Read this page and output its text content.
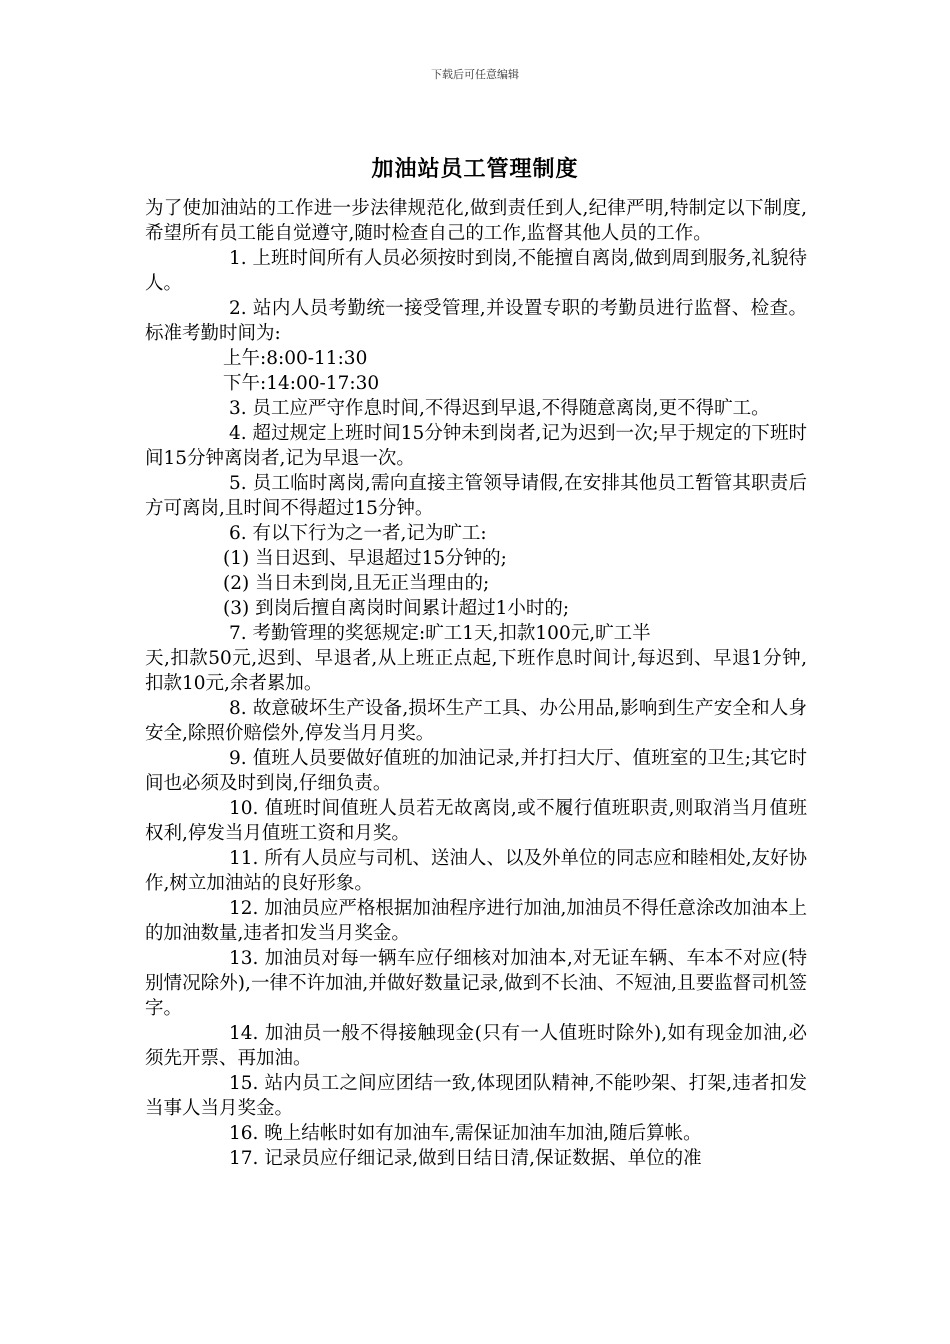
下载后可任意编辑
加油站员工管理制度

为了使加油站的工作进一步法律规范化,做到责任到人,纪律严明,特制定以下制度,希望所有员工能自觉遵守,随时检查自己的工作,监督其他人员的工作。

1. 上班时间所有人员必须按时到岗,不能擅自离岗,做到周到服务,礼貌待人。

2. 站内人员考勤统一接受管理,并设置专职的考勤员进行监督、检查。标准考勤时间为:

上午:8:00-11:30

下午:14:00-17:30

3. 员工应严守作息时间,不得迟到早退,不得随意离岗,更不得旷工。

4. 超过规定上班时间15分钟未到岗者,记为迟到一次;早于规定的下班时间15分钟离岗者,记为早退一次。

5. 员工临时离岗,需向直接主管领导请假,在安排其他员工暂管其职责后方可离岗,且时间不得超过15分钟。

6. 有以下行为之一者,记为旷工:

(1) 当日迟到、早退超过15分钟的;

(2) 当日未到岗,且无正当理由的;

(3) 到岗后擅自离岗时间累计超过1小时的;

7. 考勤管理的奖惩规定:旷工1天,扣款100元,旷工半

天,扣款50元,迟到、早退者,从上班正点起,下班作息时间计,每迟到、早退1分钟,扣款10元,余者累加。

8. 故意破坏生产设备,损坏生产工具、办公用品,影响到生产安全和人身安全,除照价赔偿外,停发当月月奖。

9. 值班人员要做好值班的加油记录,并打扫大厅、值班室的卫生;其它时间也必须及时到岗,仔细负责。

10. 值班时间值班人员若无故离岗,或不履行值班职责,则取消当月值班权利,停发当月值班工资和月奖。

11. 所有人员应与司机、送油人、以及外单位的同志应和睦相处,友好协作,树立加油站的良好形象。

12. 加油员应严格根据加油程序进行加油,加油员不得任意涂改加油本上的加油数量,违者扣发当月奖金。

13. 加油员对每一辆车应仔细核对加油本,对无证车辆、车本不对应(特别情况除外),一律不许加油,并做好数量记录,做到不长油、不短油,且要监督司机签字。

14. 加油员一般不得接触现金(只有一人值班时除外),如有现金加油,必须先开票、再加油。

15. 站内员工之间应团结一致,体现团队精神,不能吵架、打架,违者扣发当事人当月奖金。

16. 晚上结帐时如有加油车,需保证加油车加油,随后算帐。

17. 记录员应仔细记录,做到日结日清,保证数据、单位的准
